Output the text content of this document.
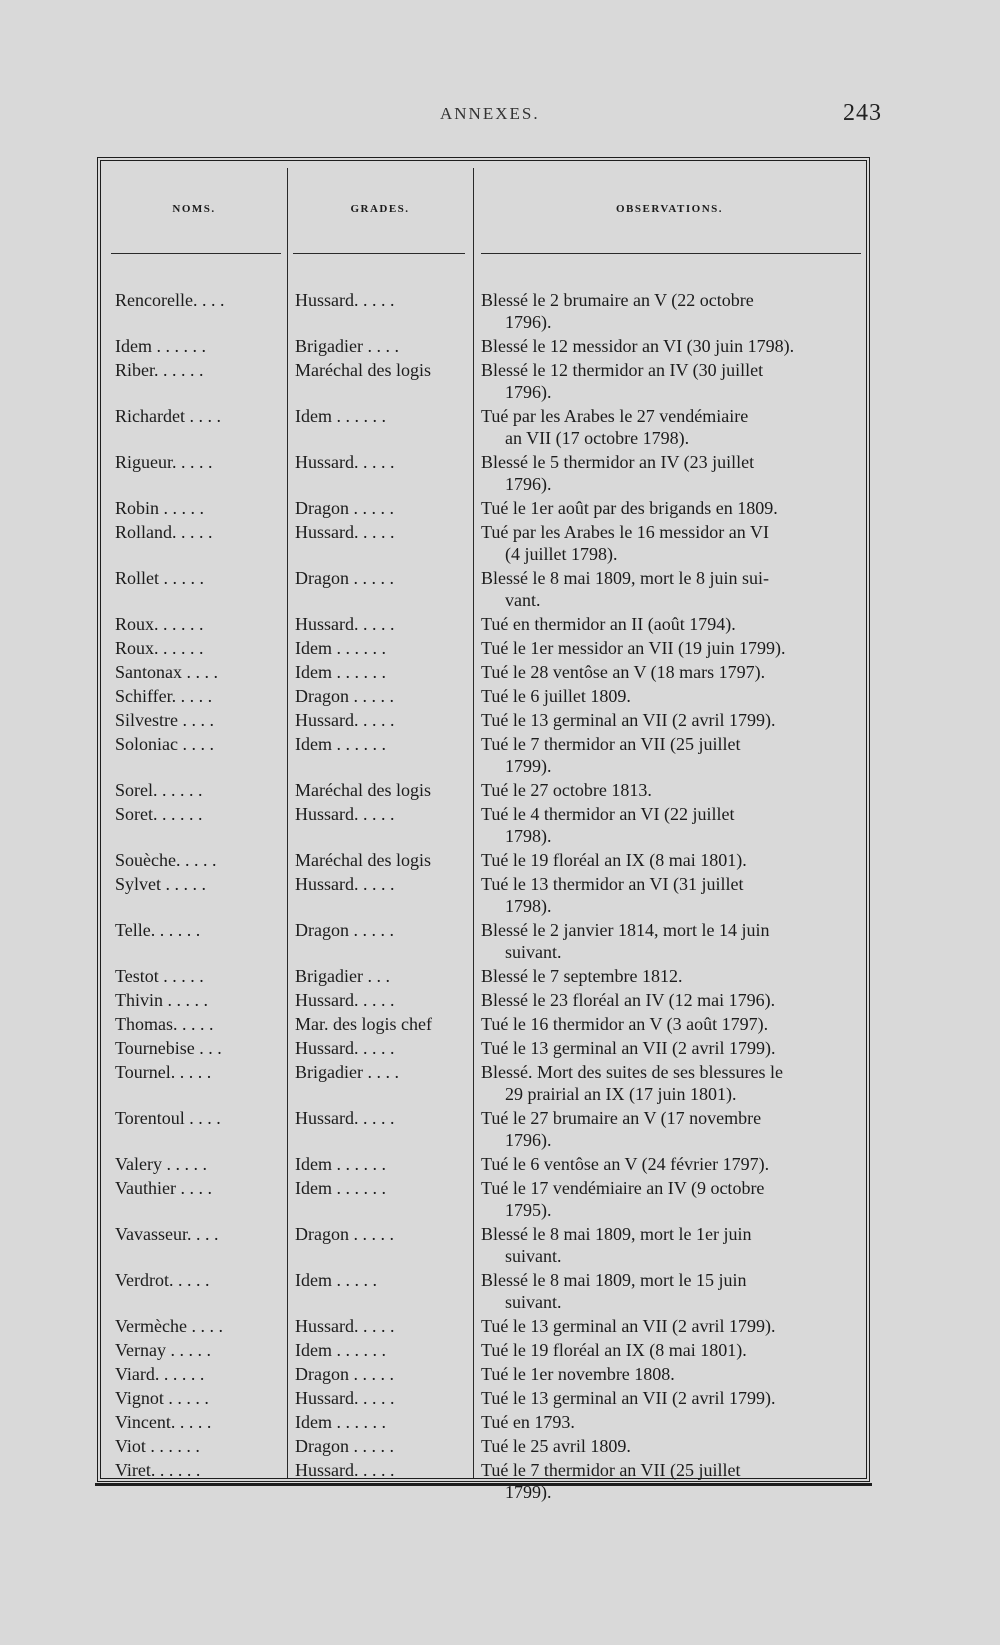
ANNEXES.	243
NOMS.	GRADES.	OBSERVATIONS.
Rencorelle. . . .	Hussard. . . . .	Blessé le 2 brumaire an V (22 octobre
1796).
Idem . . . . . .	Brigadier . . . .	Blessé le 12 messidor an VI (30 juin 1798).
Riber. . . . . .	Maréchal des logis	Blessé le 12 thermidor an IV (30 juillet
1796).
Richardet . . . .	Idem . . . . . .	Tué par les Arabes le 27 vendémiaire
an VII (17 octobre 1798).
Rigueur. . . . .	Hussard. . . . .	Blessé le 5 thermidor an IV (23 juillet
1796).
Robin . . . . .	Dragon . . . . .	Tué le 1er août par des brigands en 1809.
Rolland. . . . .	Hussard. . . . .	Tué par les Arabes le 16 messidor an VI
(4 juillet 1798).
Rollet . . . . .	Dragon . . . . .	Blessé le 8 mai 1809, mort le 8 juin sui-
vant.
Roux. . . . . .	Hussard. . . . .	Tué en thermidor an II (août 1794).
Roux. . . . . .	Idem . . . . . .	Tué le 1er messidor an VII (19 juin 1799).
Santonax . . . .	Idem . . . . . .	Tué le 28 ventôse an V (18 mars 1797).
Schiffer. . . . .	Dragon . . . . .	Tué le 6 juillet 1809.
Silvestre . . . .	Hussard. . . . .	Tué le 13 germinal an VII (2 avril 1799).
Soloniac . . . .	Idem . . . . . .	Tué le 7 thermidor an VII (25 juillet
1799).
Sorel. . . . . .	Maréchal des logis	Tué le 27 octobre 1813.
Soret. . . . . .	Hussard. . . . .	Tué le 4 thermidor an VI (22 juillet
1798).
Souèche. . . . .	Maréchal des logis	Tué le 19 floréal an IX (8 mai 1801).
Sylvet . . . . .	Hussard. . . . .	Tué le 13 thermidor an VI (31 juillet
1798).
Telle. . . . . .	Dragon . . . . .	Blessé le 2 janvier 1814, mort le 14 juin
suivant.
Testot . . . . .	Brigadier . . .	Blessé le 7 septembre 1812.
Thivin . . . . .	Hussard. . . . .	Blessé le 23 floréal an IV (12 mai 1796).
Thomas. . . . .	Mar. des logis chef	Tué le 16 thermidor an V (3 août 1797).
Tournebise . . .	Hussard. . . . .	Tué le 13 germinal an VII (2 avril 1799).
Tournel. . . . .	Brigadier . . . .	Blessé. Mort des suites de ses blessures le
29 prairial an IX (17 juin 1801).
Torentoul . . . .	Hussard. . . . .	Tué le 27 brumaire an V (17 novembre
1796).
Valery . . . . .	Idem . . . . . .	Tué le 6 ventôse an V (24 février 1797).
Vauthier . . . .	Idem . . . . . .	Tué le 17 vendémiaire an IV (9 octobre
1795).
Vavasseur. . . .	Dragon . . . . .	Blessé le 8 mai 1809, mort le 1er juin
suivant.
Verdrot. . . . .	Idem . . . . .	Blessé le 8 mai 1809, mort le 15 juin
suivant.
Vermèche . . . .	Hussard. . . . .	Tué le 13 germinal an VII (2 avril 1799).
Vernay . . . . .	Idem . . . . . .	Tué le 19 floréal an IX (8 mai 1801).
Viard. . . . . .	Dragon . . . . .	Tué le 1er novembre 1808.
Vignot . . . . .	Hussard. . . . .	Tué le 13 germinal an VII (2 avril 1799).
Vincent. . . . .	Idem . . . . . .	Tué en 1793.
Viot . . . . . .	Dragon . . . . .	Tué le 25 avril 1809.
Viret. . . . . .	Hussard. . . . .	Tué le 7 thermidor an VII (25 juillet
1799).
